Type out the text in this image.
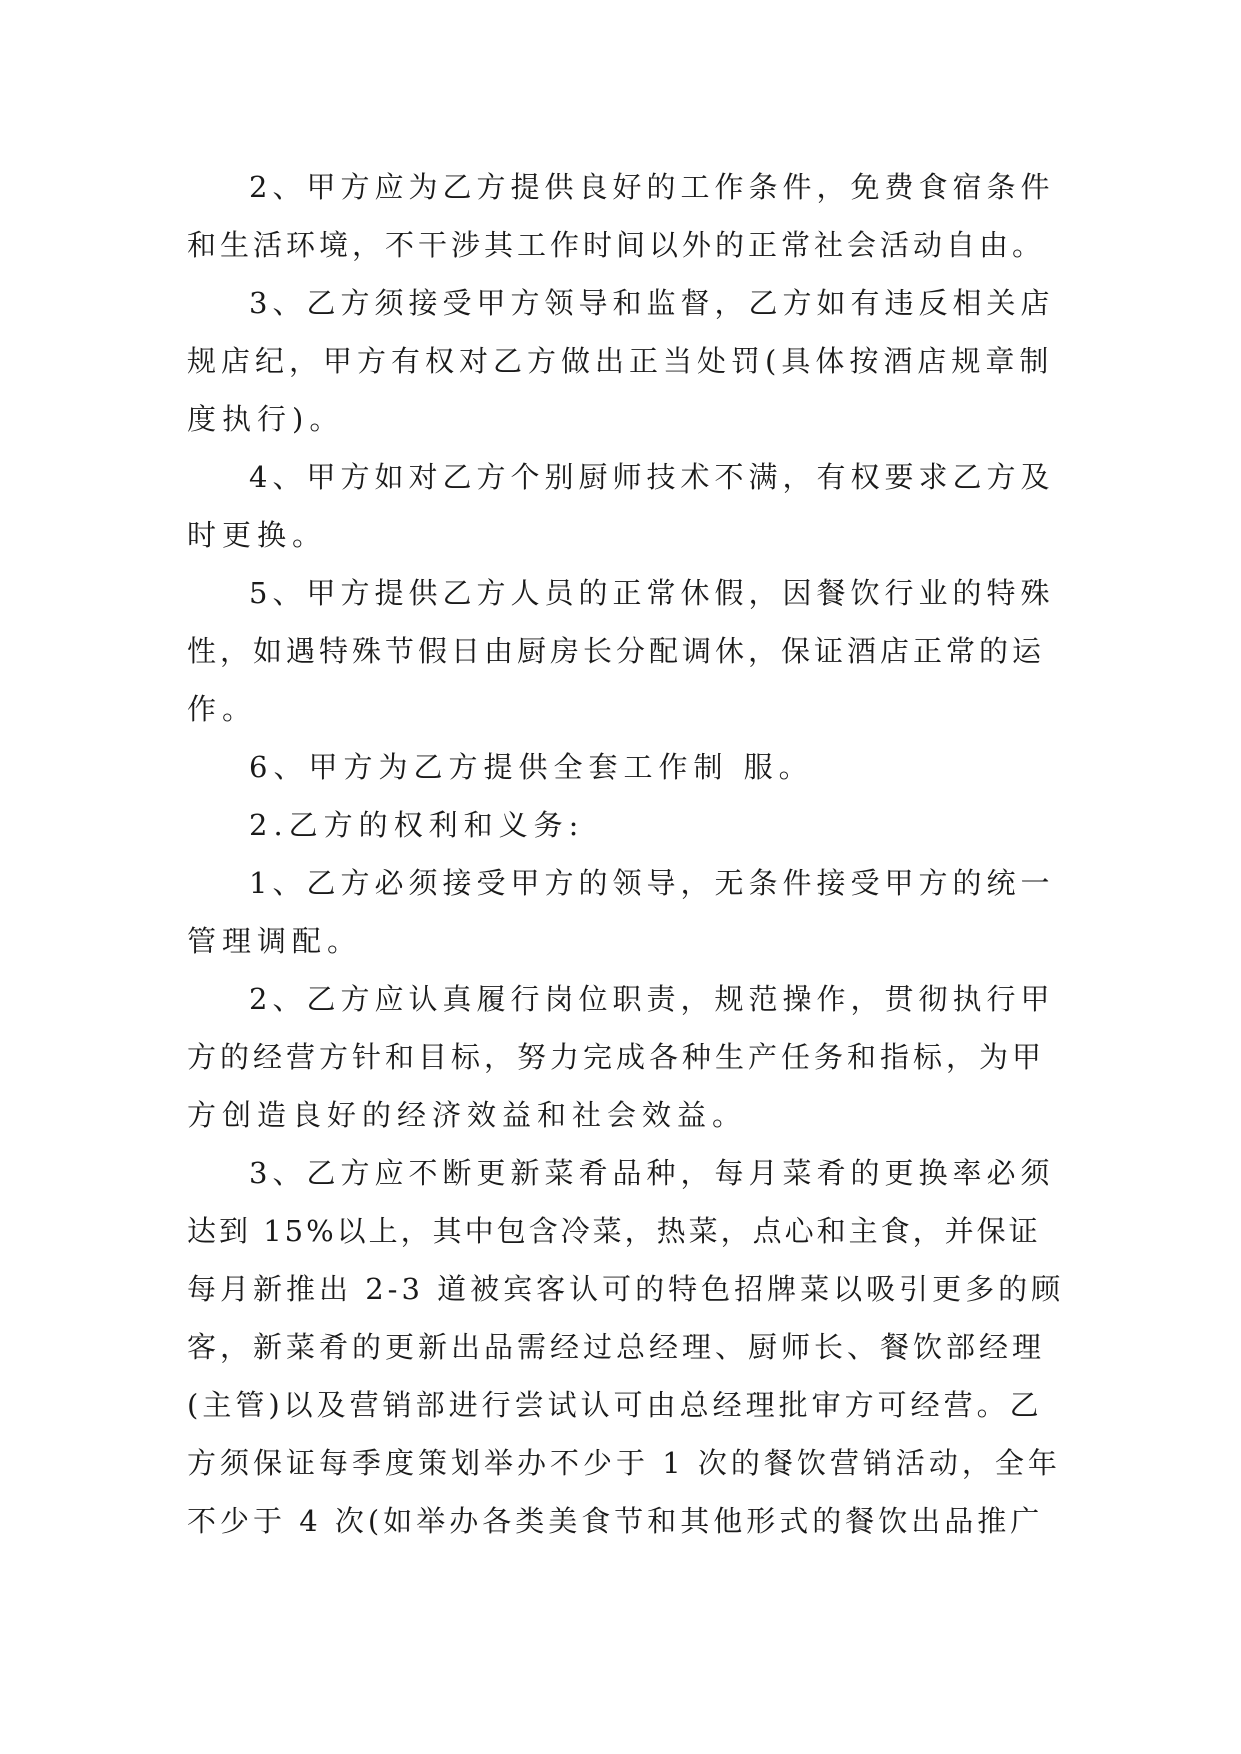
2、甲方应为乙方提供良好的工作条件，免费食宿条件
和生活环境，不干涉其工作时间以外的正常社会活动自由。
3、乙方须接受甲方领导和监督，乙方如有违反相关店
规店纪，甲方有权对乙方做出正当处罚(具体按酒店规章制
度执行)。
4、甲方如对乙方个别厨师技术不满，有权要求乙方及
时更换。
5、甲方提供乙方人员的正常休假，因餐饮行业的特殊
性，如遇特殊节假日由厨房长分配调休，保证酒店正常的运
作。
6、甲方为乙方提供全套工作制 服。
2.乙方的权利和义务:
1、乙方必须接受甲方的领导，无条件接受甲方的统一
管理调配。
2、乙方应认真履行岗位职责，规范操作，贯彻执行甲
方的经营方针和目标，努力完成各种生产任务和指标，为甲
方创造良好的经济效益和社会效益。
3、乙方应不断更新菜肴品种，每月菜肴的更换率必须
达到 15%以上，其中包含冷菜，热菜，点心和主食，并保证
每月新推出 2-3 道被宾客认可的特色招牌菜以吸引更多的顾
客，新菜肴的更新出品需经过总经理、厨师长、餐饮部经理
(主管)以及营销部进行尝试认可由总经理批审方可经营。乙
方须保证每季度策划举办不少于 1 次的餐饮营销活动，全年
不少于 4 次(如举办各类美食节和其他形式的餐饮出品推广
